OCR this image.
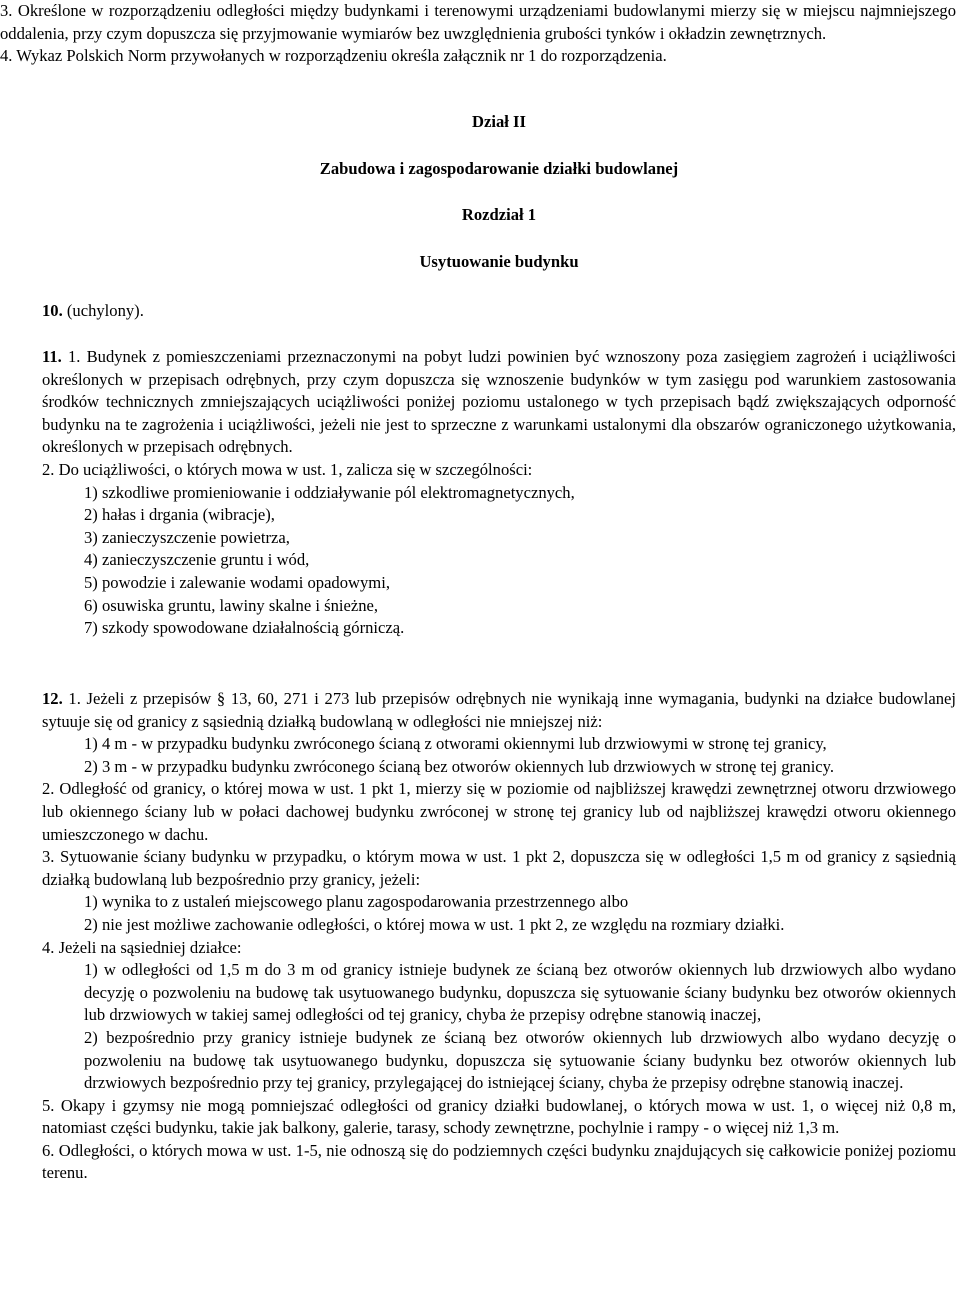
3. Określone w rozporządzeniu odległości między budynkami i terenowymi urządzeniami budowlanymi mierzy się w miejscu najmniejszego oddalenia, przy czym dopuszcza się przyjmowanie wymiarów bez uwzględnienia grubości tynków i okładzin zewnętrznych.

4. Wykaz Polskich Norm przywołanych w rozporządzeniu określa załącznik nr 1 do rozporządzenia.

Dział II

Zabudowa i zagospodarowanie działki budowlanej

Rozdział 1

Usytuowanie budynku

10. (uchylony).

11. 1. Budynek z pomieszczeniami przeznaczonymi na pobyt ludzi powinien być wznoszony poza zasięgiem zagrożeń i uciążliwości określonych w przepisach odrębnych, przy czym dopuszcza się wznoszenie budynków w tym zasięgu pod warunkiem zastosowania środków technicznych zmniejszających uciążliwości poniżej poziomu ustalonego w tych przepisach bądź zwiększających odporność budynku na te zagrożenia i uciążliwości, jeżeli nie jest to sprzeczne z warunkami ustalonymi dla obszarów ograniczonego użytkowania, określonych w przepisach odrębnych.

2. Do uciążliwości, o których mowa w ust. 1, zalicza się w szczególności:

1) szkodliwe promieniowanie i oddziaływanie pól elektromagnetycznych,

2) hałas i drgania (wibracje),

3) zanieczyszczenie powietrza,

4) zanieczyszczenie gruntu i wód,

5) powodzie i zalewanie wodami opadowymi,

6) osuwiska gruntu, lawiny skalne i śnieżne,

7) szkody spowodowane działalnością górniczą.

12. 1. Jeżeli z przepisów § 13, 60, 271 i 273 lub przepisów odrębnych nie wynikają inne wymagania, budynki na działce budowlanej sytuuje się od granicy z sąsiednią działką budowlaną w odległości nie mniejszej niż:

1) 4 m - w przypadku budynku zwróconego ścianą z otworami okiennymi lub drzwiowymi w stronę tej granicy,

2) 3 m - w przypadku budynku zwróconego ścianą bez otworów okiennych lub drzwiowych w stronę tej granicy.

2. Odległość od granicy, o której mowa w ust. 1 pkt 1, mierzy się w poziomie od najbliższej krawędzi zewnętrznej otworu drzwiowego lub okiennego ściany lub w połaci dachowej budynku zwróconej w stronę tej granicy lub od najbliższej krawędzi otworu okiennego umieszczonego w dachu.

3. Sytuowanie ściany budynku w przypadku, o którym mowa w ust. 1 pkt 2, dopuszcza się w odległości 1,5 m od granicy z sąsiednią działką budowlaną lub bezpośrednio przy granicy, jeżeli:

1) wynika to z ustaleń miejscowego planu zagospodarowania przestrzennego albo

2) nie jest możliwe zachowanie odległości, o której mowa w ust. 1 pkt 2, ze względu na rozmiary działki.

4. Jeżeli na sąsiedniej działce:

1) w odległości od 1,5 m do 3 m od granicy istnieje budynek ze ścianą bez otworów okiennych lub drzwiowych albo wydano decyzję o pozwoleniu na budowę tak usytuowanego budynku, dopuszcza się sytuowanie ściany budynku bez otworów okiennych lub drzwiowych w takiej samej odległości od tej granicy, chyba że przepisy odrębne stanowią inaczej,

2) bezpośrednio przy granicy istnieje budynek ze ścianą bez otworów okiennych lub drzwiowych albo wydano decyzję o pozwoleniu na budowę tak usytuowanego budynku, dopuszcza się sytuowanie ściany budynku bez otworów okiennych lub drzwiowych bezpośrednio przy tej granicy, przylegającej do istniejącej ściany, chyba że przepisy odrębne stanowią inaczej.

5. Okapy i gzymsy nie mogą pomniejszać odległości od granicy działki budowlanej, o których mowa w ust. 1, o więcej niż 0,8 m, natomiast części budynku, takie jak balkony, galerie, tarasy, schody zewnętrzne, pochylnie i rampy - o więcej niż 1,3 m.

6. Odległości, o których mowa w ust. 1-5, nie odnoszą się do podziemnych części budynku znajdujących się całkowicie poniżej poziomu terenu.
